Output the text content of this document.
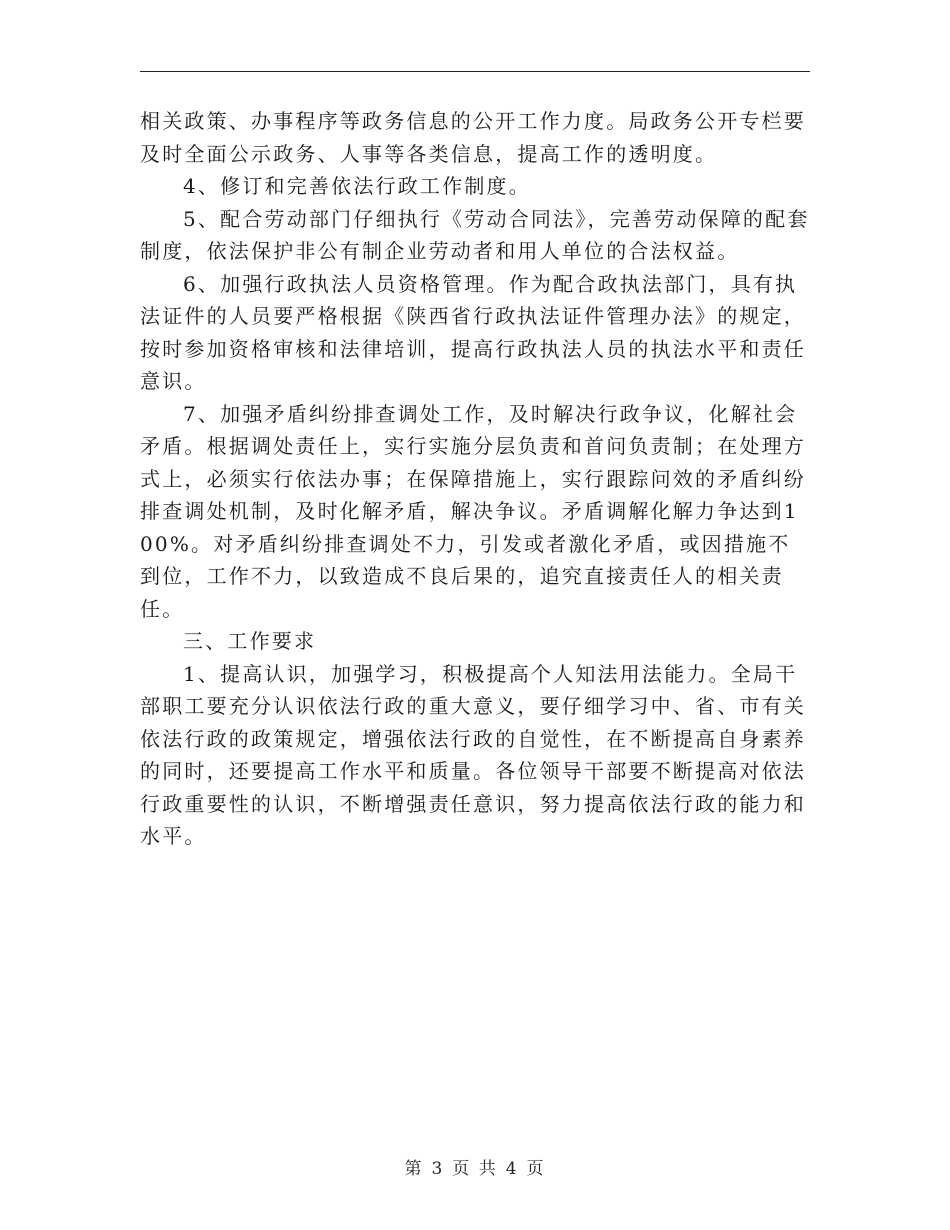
相关政策、办事程序等政务信息的公开工作力度。局政务公开专栏要及时全面公示政务、人事等各类信息，提高工作的透明度。

4、修订和完善依法行政工作制度。

5、配合劳动部门仔细执行《劳动合同法》，完善劳动保障的配套制度，依法保护非公有制企业劳动者和用人单位的合法权益。

6、加强行政执法人员资格管理。作为配合政执法部门，具有执法证件的人员要严格根据《陕西省行政执法证件管理办法》的规定，按时参加资格审核和法律培训，提高行政执法人员的执法水平和责任意识。

7、加强矛盾纠纷排查调处工作，及时解决行政争议，化解社会矛盾。根据调处责任上，实行实施分层负责和首问负责制；在处理方式上，必须实行依法办事；在保障措施上，实行跟踪问效的矛盾纠纷排查调处机制，及时化解矛盾，解决争议。矛盾调解化解力争达到100%。对矛盾纠纷排查调处不力，引发或者激化矛盾，或因措施不到位，工作不力，以致造成不良后果的，追究直接责任人的相关责任。

三、工作要求

1、提高认识，加强学习，积极提高个人知法用法能力。全局干部职工要充分认识依法行政的重大意义，要仔细学习中、省、市有关依法行政的政策规定，增强依法行政的自觉性，在不断提高自身素养的同时，还要提高工作水平和质量。各位领导干部要不断提高对依法行政重要性的认识，不断增强责任意识，努力提高依法行政的能力和水平。

第 3 页 共 4 页
